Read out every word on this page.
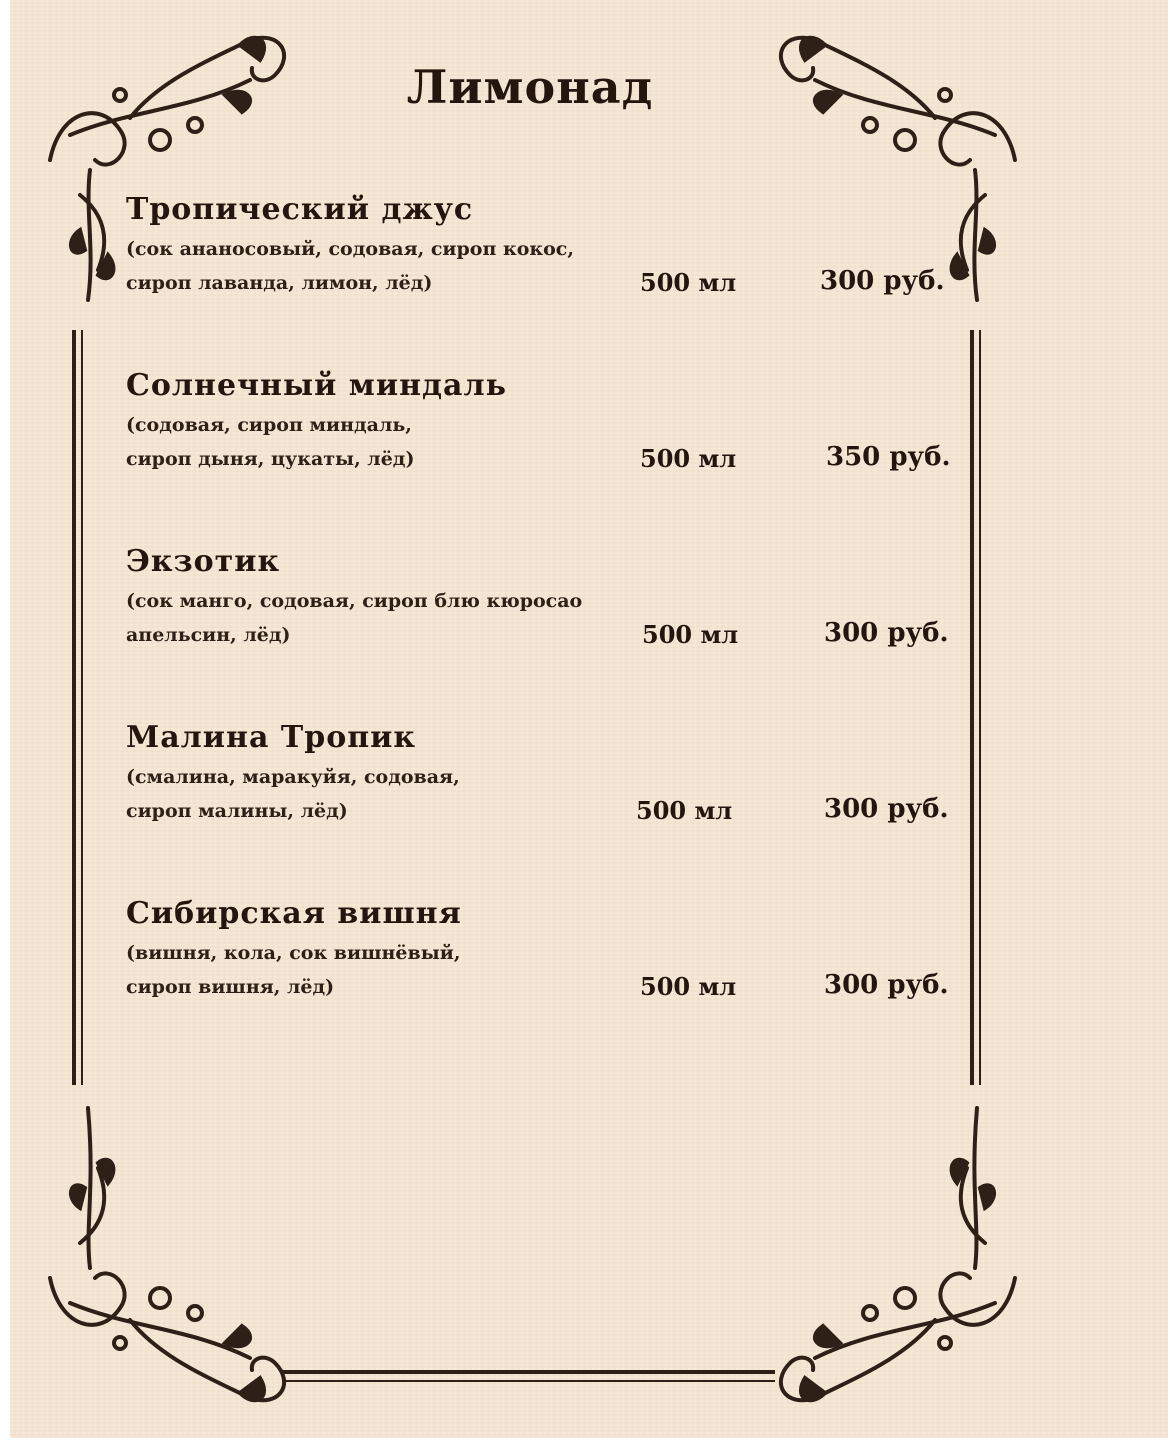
Лимонад
Тропический джус
(сок ананосовый, содовая, сироп кокос,
сироп лаванда, лимон, лёд)	500 мл	300 руб.
Солнечный миндаль
(содовая, сироп миндаль,
сироп дыня, цукаты, лёд)	500 мл	350 руб.
Экзотик
(сок манго, содовая, сироп блю кюросао
апельсин, лёд)	500 мл	300 руб.
Малина Тропик
(смалина, маракуйя, содовая,
сироп малины, лёд)	500 мл	300 руб.
Сибирская вишня
(вишня, кола, сок вишнёвый,
сироп вишня, лёд)	500 мл	300 руб.
